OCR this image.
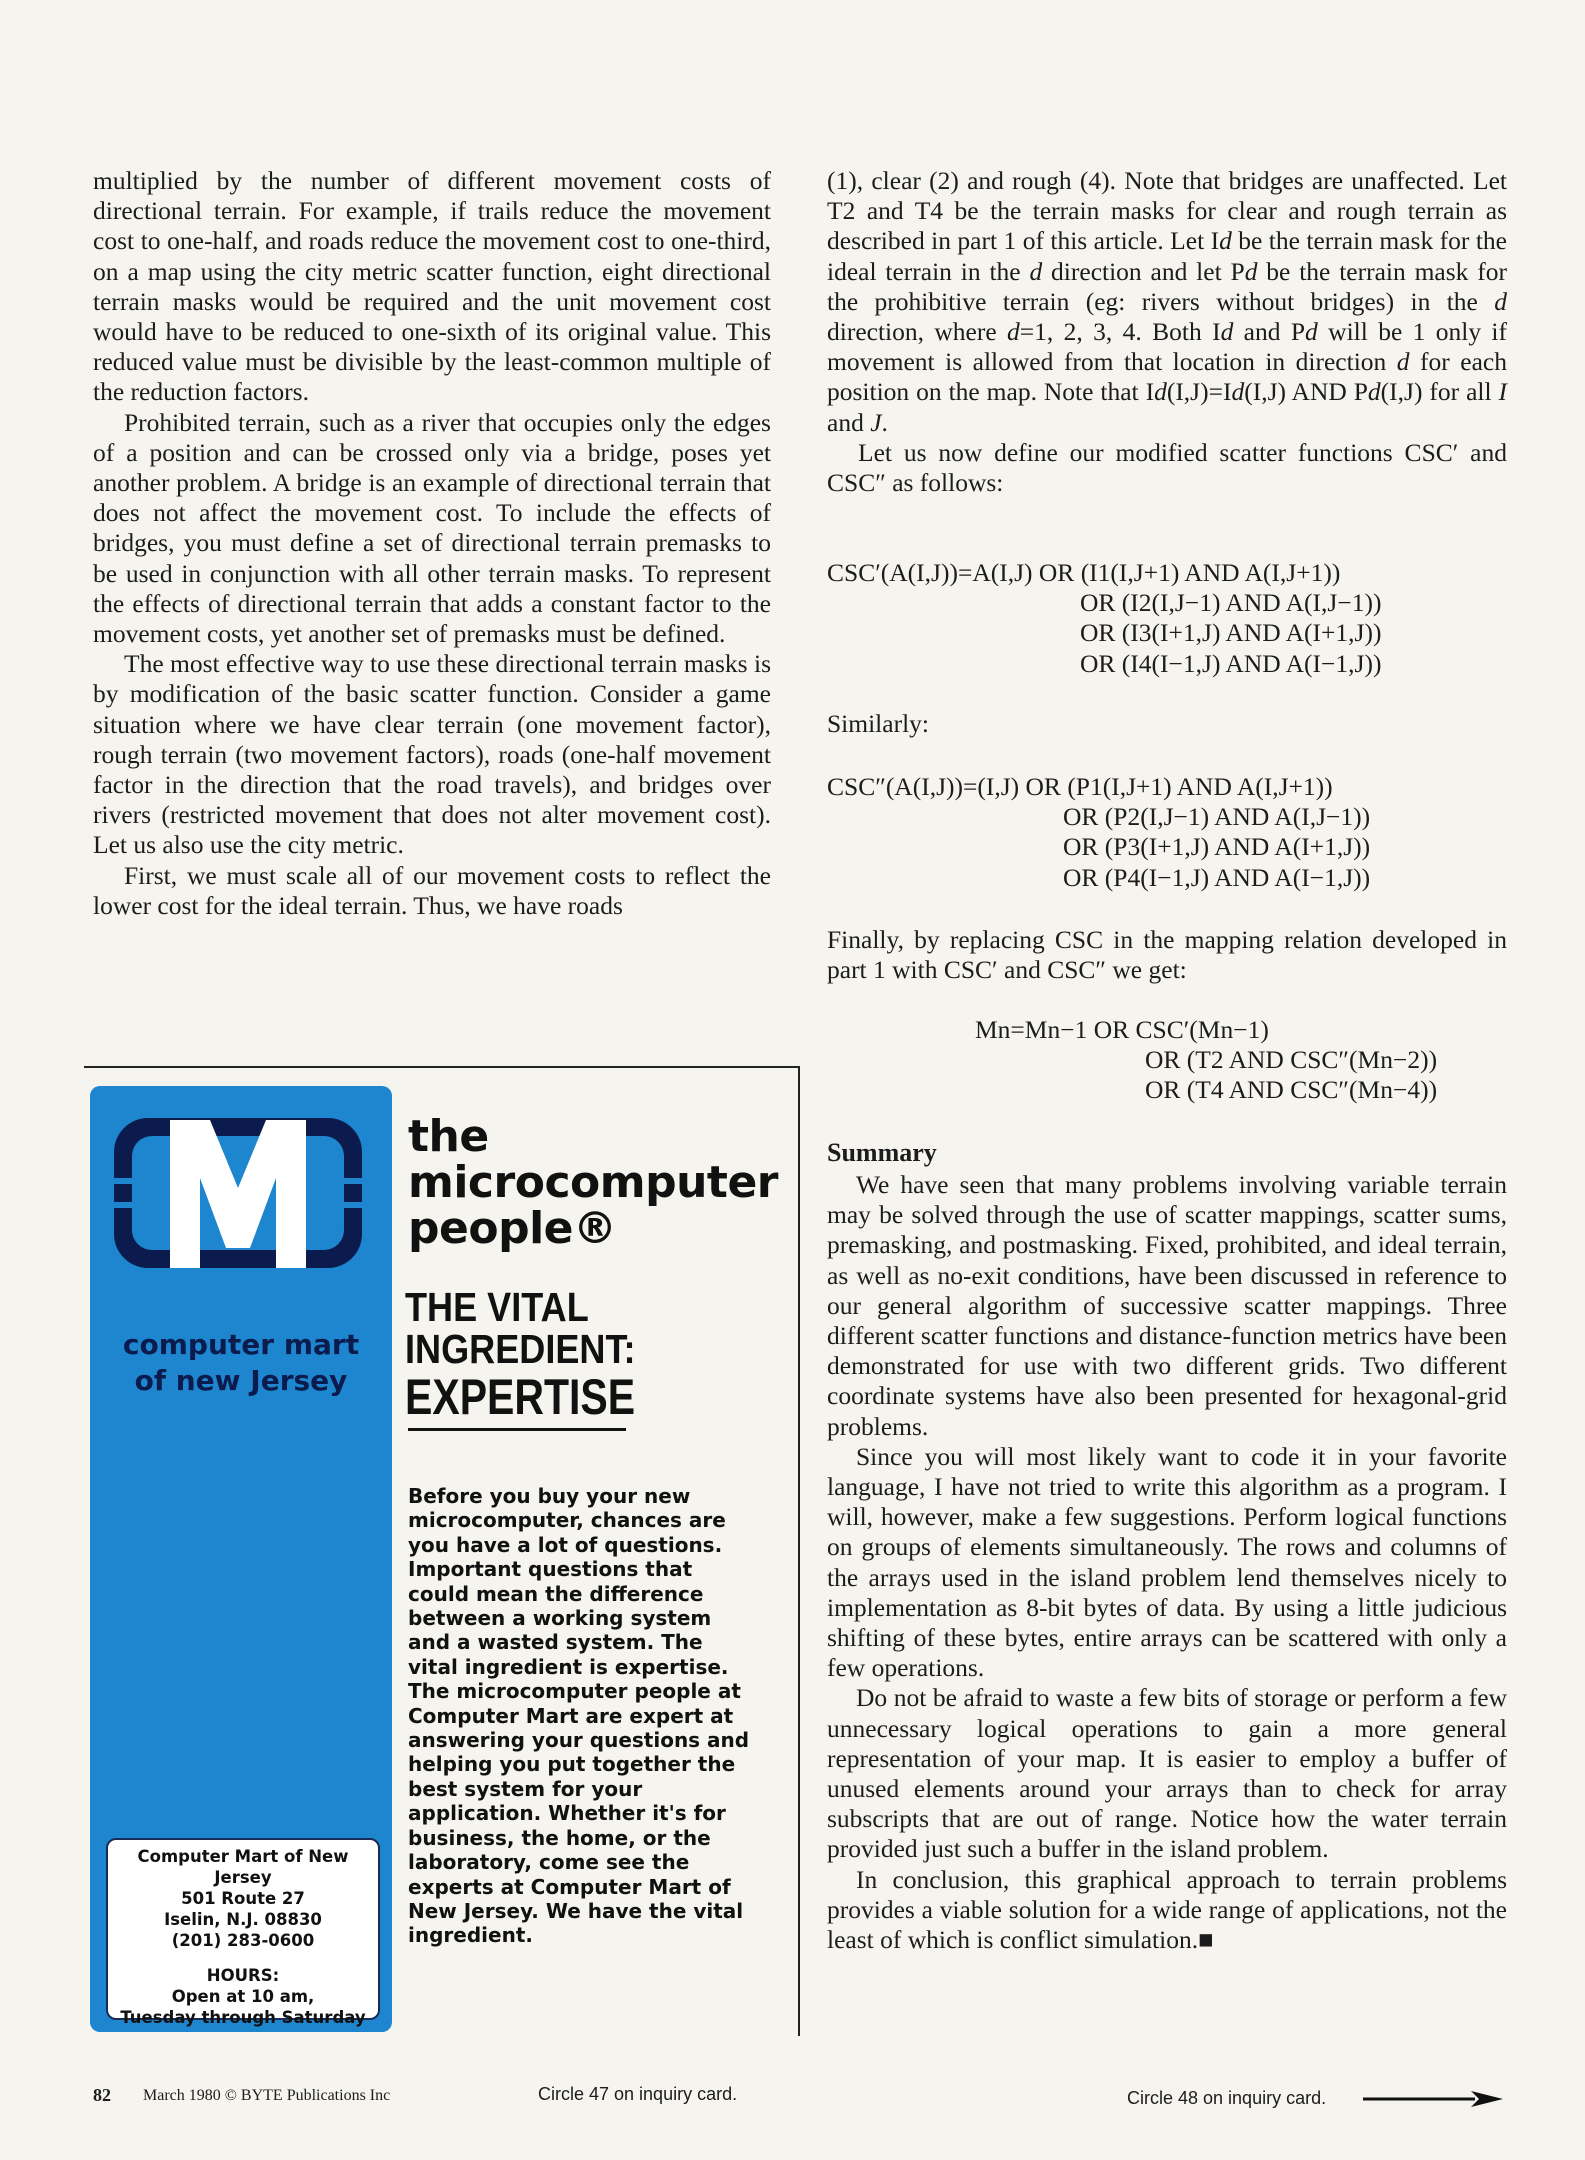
multiplied by the number of different movement costs of directional terrain. For example, if trails reduce the movement cost to one-half, and roads reduce the movement cost to one-third, on a map using the city metric scatter function, eight directional terrain masks would be required and the unit movement cost would have to be reduced to one-sixth of its original value. This reduced value must be divisible by the least-common multiple of the reduction factors.

Prohibited terrain, such as a river that occupies only the edges of a position and can be crossed only via a bridge, poses yet another problem. A bridge is an example of directional terrain that does not affect the movement cost. To include the effects of bridges, you must define a set of directional terrain premasks to be used in conjunction with all other terrain masks. To represent the effects of directional terrain that adds a constant factor to the movement costs, yet another set of premasks must be defined.

The most effective way to use these directional terrain masks is by modification of the basic scatter function. Consider a game situation where we have clear terrain (one movement factor), rough terrain (two movement factors), roads (one-half movement factor in the direction that the road travels), and bridges over rivers (restricted movement that does not alter movement cost). Let us also use the city metric.

First, we must scale all of our movement costs to reflect the lower cost for the ideal terrain. Thus, we have roads

(1), clear (2) and rough (4). Note that bridges are unaffected. Let T2 and T4 be the terrain masks for clear and rough terrain as described in part 1 of this article. Let Id be the terrain mask for the ideal terrain in the d direction and let Pd be the terrain mask for the prohibitive terrain (eg: rivers without bridges) in the d direction, where d=1, 2, 3, 4. Both Id and Pd will be 1 only if movement is allowed from that location in direction d for each position on the map. Note that Id(I,J)=Id(I,J) AND Pd(I,J) for all I and J.

Let us now define our modified scatter functions CSC′ and CSC″ as follows:

CSC′(A(I,J))=A(I,J) OR (I1(I,J+1) AND A(I,J+1))
OR (I2(I,J−1) AND A(I,J−1))
OR (I3(I+1,J) AND A(I+1,J))
OR (I4(I−1,J) AND A(I−1,J))
Similarly:
CSC″(A(I,J))=(I,J) OR (P1(I,J+1) AND A(I,J+1))
OR (P2(I,J−1) AND A(I,J−1))
OR (P3(I+1,J) AND A(I+1,J))
OR (P4(I−1,J) AND A(I−1,J))
Finally, by replacing CSC in the mapping relation developed in part 1 with CSC′ and CSC″ we get:
Mn=Mn−1 OR CSC′(Mn−1)
OR (T2 AND CSC″(Mn−2))
OR (T4 AND CSC″(Mn−4))
Summary

We have seen that many problems involving variable terrain may be solved through the use of scatter mappings, scatter sums, premasking, and postmasking. Fixed, prohibited, and ideal terrain, as well as no-exit conditions, have been discussed in reference to our general algorithm of successive scatter mappings. Three different scatter functions and distance-function metrics have been demonstrated for use with two different grids. Two different coordinate systems have also been presented for hexagonal-grid problems.

Since you will most likely want to code it in your favorite language, I have not tried to write this algorithm as a program. I will, however, make a few suggestions. Perform logical functions on groups of elements simultaneously. The rows and columns of the arrays used in the island problem lend themselves nicely to implementation as 8-bit bytes of data. By using a little judicious shifting of these bytes, entire arrays can be scattered with only a few operations.

Do not be afraid to waste a few bits of storage or perform a few unnecessary logical operations to gain a more general representation of your map. It is easier to employ a buffer of unused elements around your arrays than to check for array subscripts that are out of range. Notice how the water terrain provided just such a buffer in the island problem.

In conclusion, this graphical approach to terrain problems provides a viable solution for a wide range of applications, not the least of which is conflict simulation.■

computer mart
of new Jersey
Computer Mart of New Jersey
501 Route 27
Iselin, N.J. 08830
(201) 283-0600
HOURS:
Open at 10 am,
Tuesday through Saturday
the
microcomputer
people®
THE VITAL
INGREDIENT:
EXPERTISE
Before you buy your new microcomputer, chances are you have a lot of questions. Important questions that could mean the difference between a working system and a wasted system. The vital ingredient is expertise. The microcomputer people at Computer Mart are expert at answering your questions and helping you put together the best system for your application. Whether it's for business, the home, or the laboratory, come see the experts at Computer Mart of New Jersey. We have the vital ingredient.
82 March 1980 © BYTE Publications Inc	Circle 47 on inquiry card.	Circle 48 on inquiry card.
